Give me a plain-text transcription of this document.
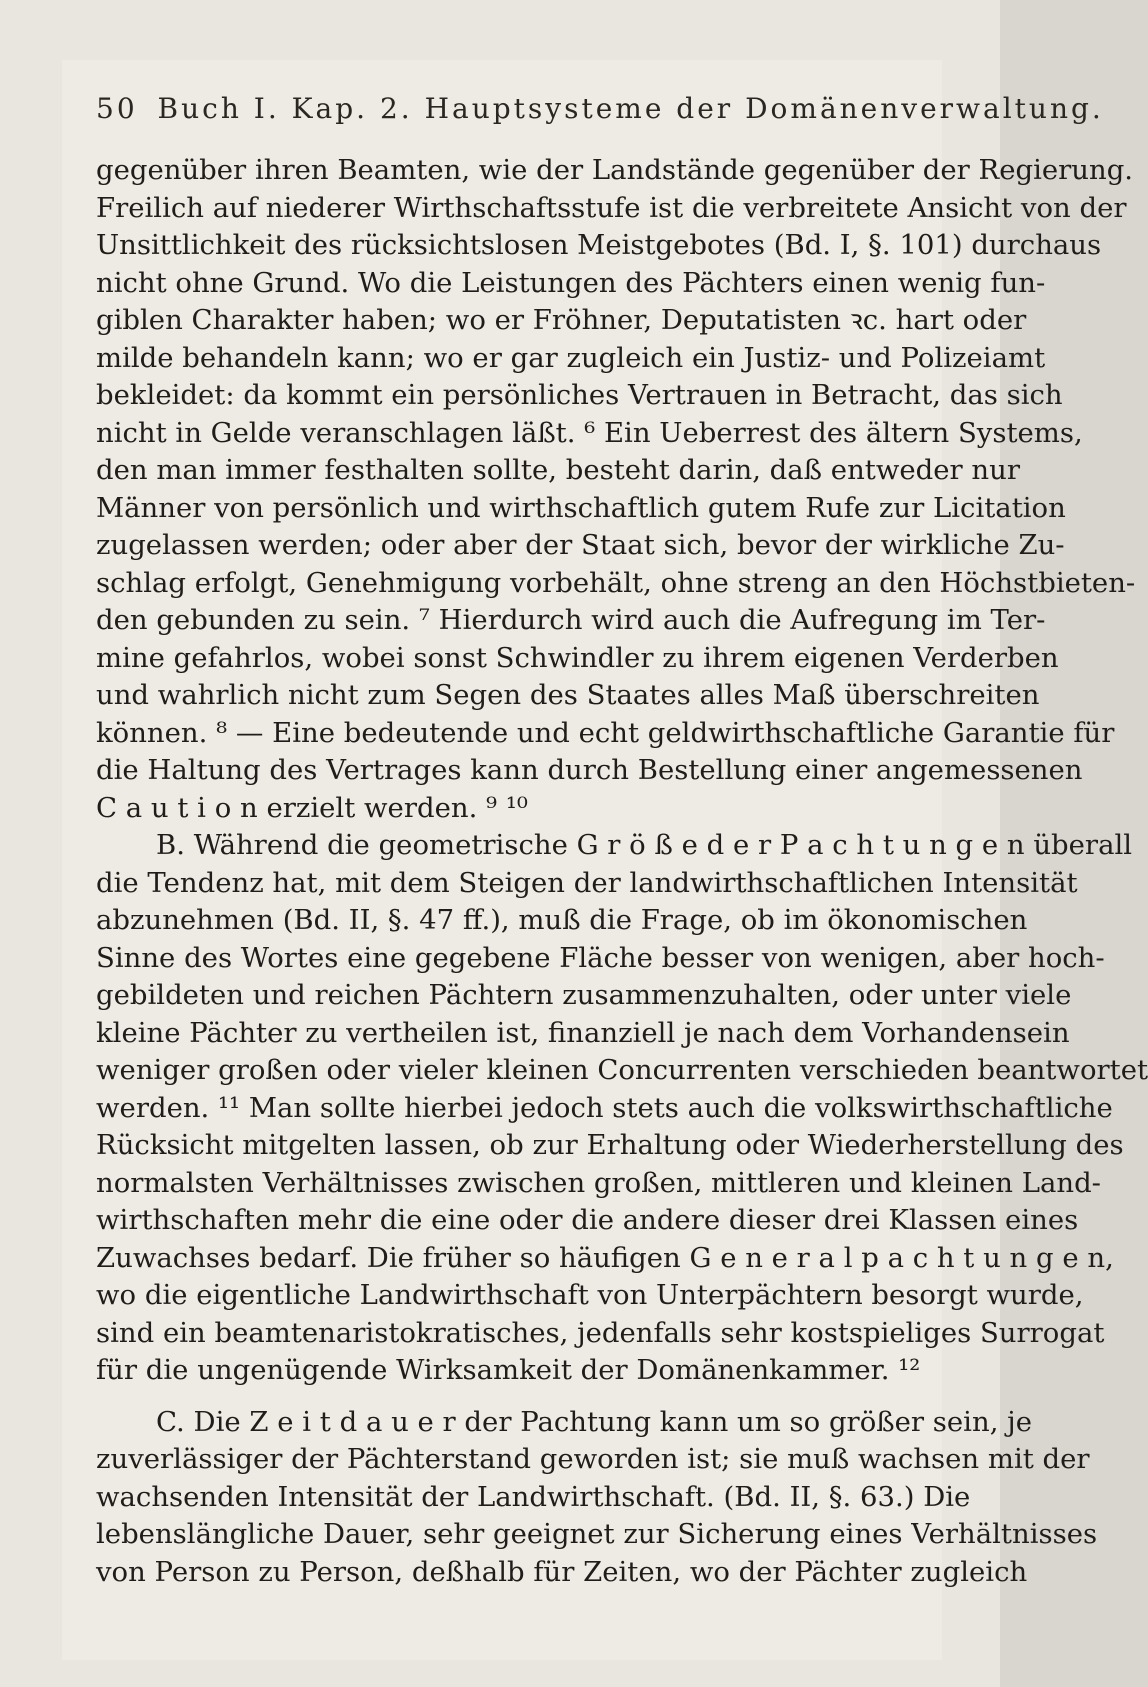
50 Buch I. Kap. 2. Hauptsysteme der Domänenverwaltung.
gegenüber ihren Beamten, wie der Landstände gegenüber der Regierung.
Freilich auf niederer Wirthschaftsstufe ist die verbreitete Ansicht von der
Unsittlichkeit des rücksichtslosen Meistgebotes (Bd. I, §. 101) durchaus
nicht ohne Grund. Wo die Leistungen des Pächters einen wenig fun-
giblen Charakter haben; wo er Fröhner, Deputatisten ꝛc. hart oder
milde behandeln kann; wo er gar zugleich ein Justiz- und Polizeiamt
bekleidet: da kommt ein persönliches Vertrauen in Betracht, das sich
nicht in Gelde veranschlagen läßt. ⁶ Ein Ueberrest des ältern Systems,
den man immer festhalten sollte, besteht darin, daß entweder nur
Männer von persönlich und wirthschaftlich gutem Rufe zur Licitation
zugelassen werden; oder aber der Staat sich, bevor der wirkliche Zu-
schlag erfolgt, Genehmigung vorbehält, ohne streng an den Höchstbieten-
den gebunden zu sein. ⁷ Hierdurch wird auch die Aufregung im Ter-
mine gefahrlos, wobei sonst Schwindler zu ihrem eigenen Verderben
und wahrlich nicht zum Segen des Staates alles Maß überschreiten
können. ⁸ — Eine bedeutende und echt geldwirthschaftliche Garantie für
die Haltung des Vertrages kann durch Bestellung einer angemessenen
C a u t i o n erzielt werden. ⁹ ¹⁰
B. Während die geometrische G r ö ß e d e r P a c h t u n g e n überall
die Tendenz hat, mit dem Steigen der landwirthschaftlichen Intensität
abzunehmen (Bd. II, §. 47 ff.), muß die Frage, ob im ökonomischen
Sinne des Wortes eine gegebene Fläche besser von wenigen, aber hoch-
gebildeten und reichen Pächtern zusammenzuhalten, oder unter viele
kleine Pächter zu vertheilen ist, finanziell je nach dem Vorhandensein
weniger großen oder vieler kleinen Concurrenten verschieden beantwortet
werden. ¹¹ Man sollte hierbei jedoch stets auch die volkswirthschaftliche
Rücksicht mitgelten lassen, ob zur Erhaltung oder Wiederherstellung des
normalsten Verhältnisses zwischen großen, mittleren und kleinen Land-
wirthschaften mehr die eine oder die andere dieser drei Klassen eines
Zuwachses bedarf. Die früher so häufigen G e n e r a l p a c h t u n g e n,
wo die eigentliche Landwirthschaft von Unterpächtern besorgt wurde,
sind ein beamtenaristokratisches, jedenfalls sehr kostspieliges Surrogat
für die ungenügende Wirksamkeit der Domänenkammer. ¹²
C. Die Z e i t d a u e r der Pachtung kann um so größer sein, je
zuverlässiger der Pächterstand geworden ist; sie muß wachsen mit der
wachsenden Intensität der Landwirthschaft. (Bd. II, §. 63.) Die
lebenslängliche Dauer, sehr geeignet zur Sicherung eines Verhältnisses
von Person zu Person, deßhalb für Zeiten, wo der Pächter zugleich
